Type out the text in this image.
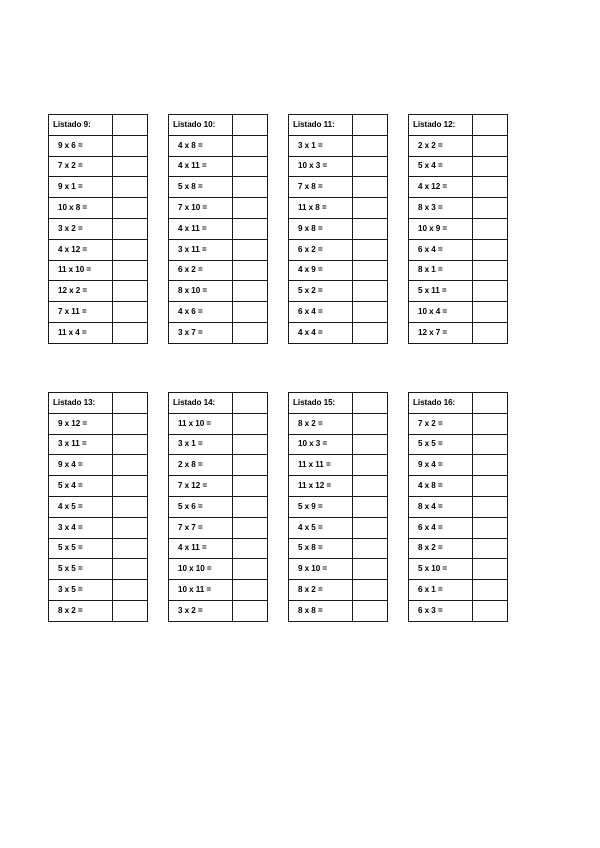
Listado 9:	

9 x 6 =	

7 x 2 =	

9 x 1 =	

10 x 8 =	

3 x 2 =	

4 x 12 =	

11 x 10 =	

12 x 2 =	

7 x 11 =	

11 x 4 =	

Listado 10:	

4 x 8 =	

4 x 11 =	

5 x 8 =	

7 x 10 =	

4 x 11 =	

3 x 11 =	

6 x 2 =	

8 x 10 =	

4 x 6 =	

3 x 7 =	

Listado 11:	

3 x 1 =	

10 x 3 =	

7 x 8 =	

11 x 8 =	

9 x 8 =	

6 x 2 =	

4 x 9 =	

5 x 2 =	

6 x 4 =	

4 x 4 =	

Listado 12:	

2 x 2 =	

5 x 4 =	

4 x 12 =	

8 x 3 =	

10 x 9 =	

6 x 4 =	

8 x 1 =	

5 x 11 =	

10 x 4 =	

12 x 7 =	

Listado 13:	

9 x 12 =	

3 x 11 =	

9 x 4 =	

5 x 4 =	

4 x 5 =	

3 x 4 =	

5 x 5 =	

5 x 5 =	

3 x 5 =	

8 x 2 =	

Listado 14:	

11 x 10 =	

3 x 1 =	

2 x 8 =	

7 x 12 =	

5 x 6 =	

7 x 7 =	

4 x 11 =	

10 x 10 =	

10 x 11 =	

3 x 2 =	

Listado 15:	

8 x 2 =	

10 x 3 =	

11 x 11 =	

11 x 12 =	

5 x 9 =	

4 x 5 =	

5 x 8 =	

9 x 10 =	

8 x 2 =	

8 x 8 =	

Listado 16:	

7 x 2 =	

5 x 5 =	

9 x 4 =	

4 x 8 =	

8 x 4 =	

6 x 4 =	

8 x 2 =	

5 x 10 =	

6 x 1 =	

6 x 3 =	
